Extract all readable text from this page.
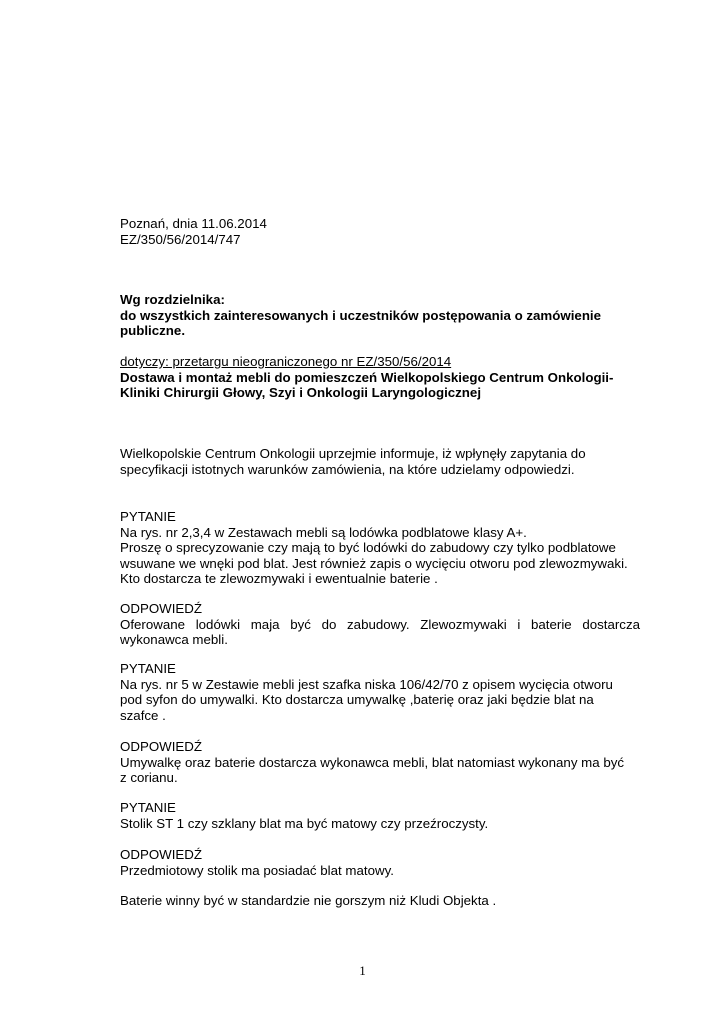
Poznań, dnia 11.06.2014
EZ/350/56/2014/747
Wg rozdzielnika:
do wszystkich zainteresowanych i uczestników postępowania o zamówienie
publiczne.
dotyczy: przetargu nieograniczonego nr EZ/350/56/2014
Dostawa i montaż mebli do pomieszczeń Wielkopolskiego Centrum Onkologii-
Kliniki Chirurgii Głowy, Szyi i Onkologii Laryngologicznej
Wielkopolskie Centrum Onkologii uprzejmie informuje, iż wpłynęły zapytania do
specyfikacji istotnych warunków zamówienia, na które udzielamy odpowiedzi.
PYTANIE
Na rys. nr 2,3,4 w Zestawach mebli są lodówka podblatowe klasy A+.
Proszę o sprecyzowanie czy mają to być lodówki do zabudowy czy tylko podblatowe
wsuwane we wnęki pod blat. Jest również zapis o wycięciu otworu pod zlewozmywaki.
Kto dostarcza te zlewozmywaki i ewentualnie baterie .
ODPOWIEDŹ
Oferowane lodówki maja być do zabudowy. Zlewozmywaki i baterie dostarcza
wykonawca mebli.
PYTANIE
Na rys. nr 5 w Zestawie mebli jest szafka niska 106/42/70 z opisem wycięcia otworu
pod syfon do umywalki. Kto dostarcza umywalkę ,baterię oraz jaki będzie blat na
szafce .
ODPOWIEDŹ
Umywalkę oraz baterie dostarcza wykonawca mebli, blat natomiast wykonany ma być
z corianu.
PYTANIE
Stolik ST 1 czy szklany blat ma być matowy czy przeźroczysty.
ODPOWIEDŹ
Przedmiotowy stolik ma posiadać blat matowy.
Baterie winny być w standardzie nie gorszym niż Kludi Objekta .
1
